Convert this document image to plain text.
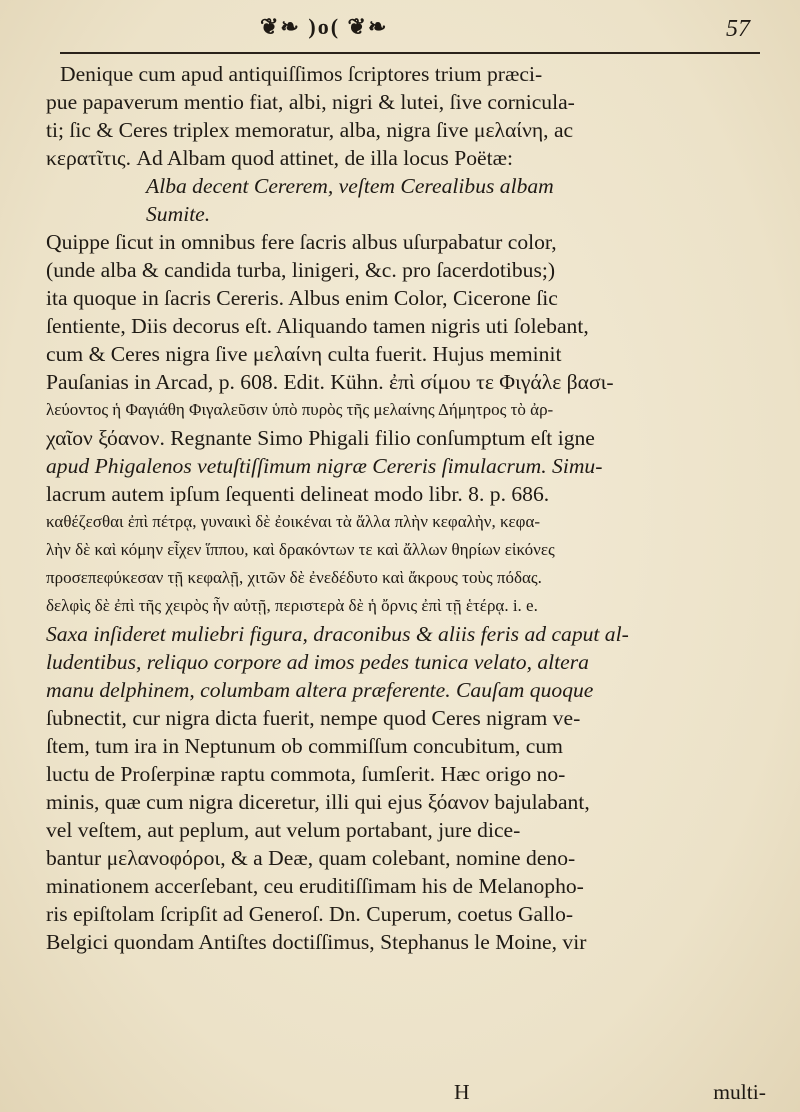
❦❧ )o( ❦❧	57
Denique cum apud antiquiſſimos ſcriptores trium præci-
pue papaverum mentio fiat, albi, nigri & lutei, ſive cornicula-
ti; ſic & Ceres triplex memoratur, alba, nigra ſive μελαίνη, ac
κερατῖτις. Ad Albam quod attinet, de illa locus Poëtæ:
Alba decent Cererem, veſtem Cerealibus albam
Sumite.
Quippe ſicut in omnibus fere ſacris albus uſurpabatur color,
(unde alba & candida turba, linigeri, &c. pro ſacerdotibus;)
ita quoque in ſacris Cereris. Albus enim Color, Cicerone ſic
ſentiente, Diis decorus eſt. Aliquando tamen nigris uti ſolebant,
cum & Ceres nigra ſive μελαίνη culta fuerit. Hujus meminit
Pauſanias in Arcad, p. 608. Edit. Kühn. ἐπὶ σίμου τε Φιγάλε βασι-
λεύοντος ἡ Φαγιάθη Φιγαλεῦσιν ὑπὸ πυρὸς τῆς μελαίνης Δήμητρος τὸ ἀρ-
χαῖον ξόανον. Regnante Simo Phigali filio conſumptum eſt igne
apud Phigalenos vetuſtiſſimum nigræ Cereris ſimulacrum. Simu-
lacrum autem ipſum ſequenti delineat modo libr. 8. p. 686.
καθέζεσθαι ἐπὶ πέτρᾳ, γυναικὶ δὲ ἐοικέναι τὰ ἄλλα πλὴν κεφαλὴν, κεφα-
λὴν δὲ καὶ κόμην εἶχεν ἵππου, καὶ δρακόντων τε καὶ ἄλλων θηρίων εἰκόνες
προσεπεφύκεσαν τῇ κεφαλῇ, χιτῶν δὲ ἐνεδέδυτο καὶ ἄκρους τοὺς πόδας.
δελφὶς δὲ ἐπὶ τῆς χειρὸς ἦν αὐτῇ, περιστερὰ δὲ ἡ ὄρνις ἐπὶ τῇ ἑτέρᾳ. i. e.
Saxa inſideret muliebri figura, draconibus & aliis feris ad caput al-
ludentibus, reliquo corpore ad imos pedes tunica velato, altera
manu delphinem, columbam altera præferente. Cauſam quoque
ſubnectit, cur nigra dicta fuerit, nempe quod Ceres nigram ve-
ſtem, tum ira in Neptunum ob commiſſum concubitum, cum
luctu de Proſerpinæ raptu commota, ſumſerit. Hæc origo no-
minis, quæ cum nigra diceretur, illi qui ejus ξόανον bajulabant,
vel veſtem, aut peplum, aut velum portabant, jure dice-
bantur μελανοφόροι, & a Deæ, quam colebant, nomine deno-
minationem accerſebant, ceu eruditiſſimam his de Melanopho-
ris epiſtolam ſcripſit ad Generoſ. Dn. Cuperum, coetus Gallo-
Belgici quondam Antiſtes doctiſſimus, Stephanus le Moine, vir
H	multi-
